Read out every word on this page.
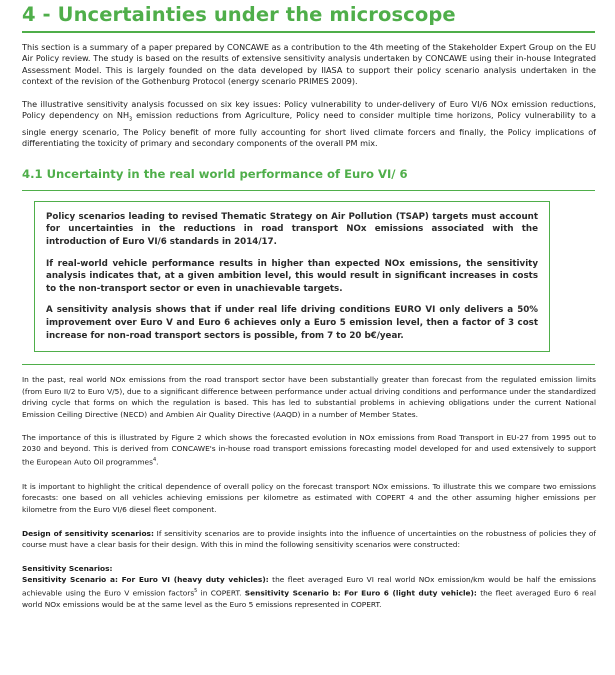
4 - Uncertainties under the microscope

This section is a summary of a paper prepared by CONCAWE as a contribution to the 4th meeting of the Stakeholder Expert Group on the EU Air Policy review. The study is based on the results of extensive sensitivity analysis undertaken by CONCAWE using their in-house Integrated Assessment Model. This is largely founded on the data developed by IIASA to support their policy scenario analysis undertaken in the context of the revision of the Gothenburg Protocol (energy scenario PRIMES 2009).

The illustrative sensitivity analysis focussed on six key issues: Policy vulnerability to under-delivery of Euro VI/6 NOx emission reductions, Policy dependency on $NH_3$ emission reductions from Agriculture, Policy need to consider multiple time horizons, Policy vulnerability to a single energy scenario, The Policy benefit of more fully accounting for short lived climate forcers and finally, the Policy implications of differentiating the toxicity of primary and secondary components of the overall PM mix.

4.1 Uncertainty in the real world performance of Euro VI/ 6

Policy scenarios leading to revised Thematic Strategy on Air Pollution (TSAP) targets must account for uncertainties in the reductions in road transport NOx emissions associated with the introduction of Euro VI/6 standards in 2014/17.

If real-world vehicle performance results in higher than expected NOx emissions, the sensitivity analysis indicates that, at a given ambition level, this would result in significant increases in costs to the non-transport sector or even in unachievable targets.

A sensitivity analysis shows that if under real life driving conditions EURO VI only delivers a 50% improvement over Euro V and Euro 6 achieves only a Euro 5 emission level, then a factor of 3 cost increase for non-road transport sectors is possible, from 7 to 20 b€/year.

In the past, real world NOx emissions from the road transport sector have been substantially greater than forecast from the regulated emission limits (from Euro II/2 to Euro V/5), due to a significant difference between performance under actual driving conditions and performance under the standardized driving cycle that forms on which the regulation is based. This has led to substantial problems in achieving obligations under the current National Emission Ceiling Directive (NECD) and Ambien Air Quality Directive (AAQD) in a number of Member States.

The importance of this is illustrated by Figure 2 which shows the forecasted evolution in NOx emissions from Road Transport in EU-27 from 1995 out to 2030 and beyond. This is derived from CONCAWE's in-house road transport emissions forecasting model developed for and used extensively to support the European Auto Oil programmes$^4$.

It is important to highlight the critical dependence of overall policy on the forecast transport NOx emissions. To illustrate this we compare two emissions forecasts: one based on all vehicles achieving emissions per kilometre as estimated with COPERT 4 and the other assuming higher emissions per kilometre from the Euro VI/6 diesel fleet component.

Design of sensitivity scenarios: If sensitivity scenarios are to provide insights into the influence of uncertainties on the robustness of policies they of course must have a clear basis for their design. With this in mind the following sensitivity scenarios were constructed:

Sensitivity Scenarios:
Sensitivity Scenario a: For Euro VI (heavy duty vehicles): the fleet averaged Euro VI real world NOx emission/km would be half the emissions achievable using the Euro V emission factors$^5$ in COPERT. Sensitivity Scenario b: For Euro 6 (light duty vehicle): the fleet averaged Euro 6 real world NOx emissions would be at the same level as the Euro 5 emissions represented in COPERT.
